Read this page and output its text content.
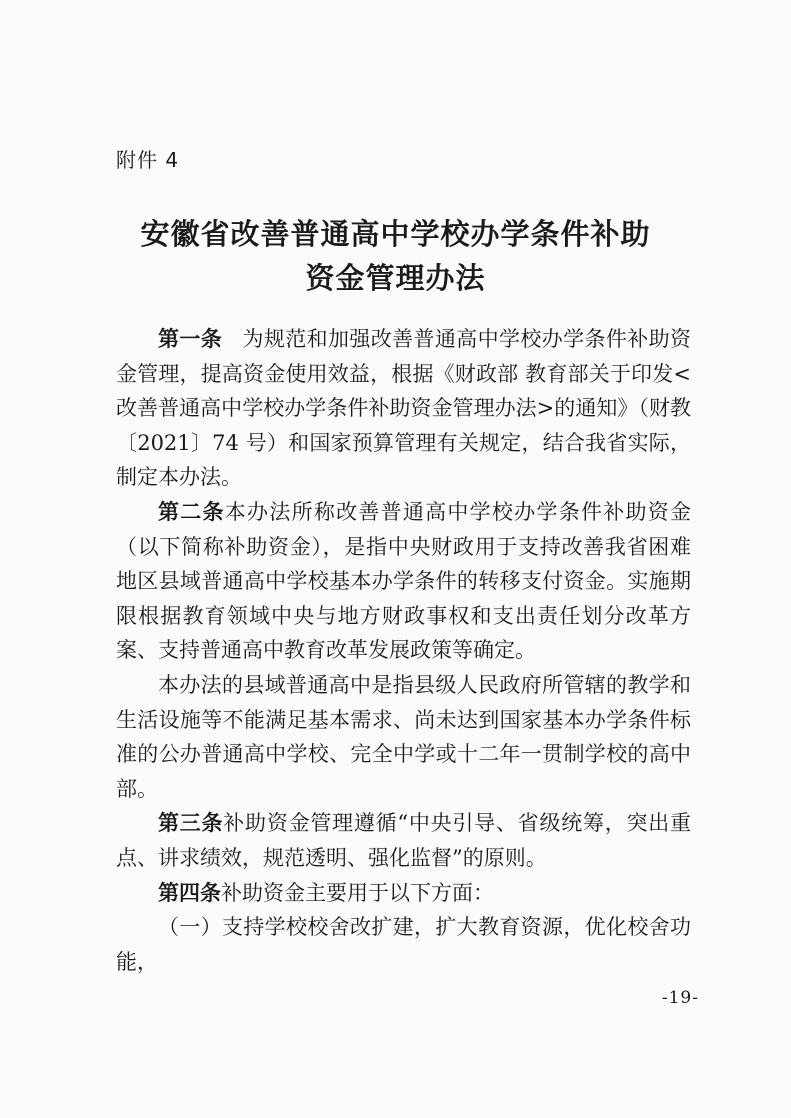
附件 4
安徽省改善普通高中学校办学条件补助
资金管理办法

第一条 为规范和加强改善普通高中学校办学条件补助资金管理，提高资金使用效益，根据《财政部 教育部关于印发<改善普通高中学校办学条件补助资金管理办法>的通知》（财教〔2021〕74 号）和国家预算管理有关规定，结合我省实际，制定本办法。

第二条本办法所称改善普通高中学校办学条件补助资金（以下简称补助资金），是指中央财政用于支持改善我省困难地区县域普通高中学校基本办学条件的转移支付资金。实施期限根据教育领域中央与地方财政事权和支出责任划分改革方案、支持普通高中教育改革发展政策等确定。

本办法的县域普通高中是指县级人民政府所管辖的教学和生活设施等不能满足基本需求、尚未达到国家基本办学条件标准的公办普通高中学校、完全中学或十二年一贯制学校的高中部。

第三条补助资金管理遵循“中央引导、省级统筹，突出重点、讲求绩效，规范透明、强化监督”的原则。

第四条补助资金主要用于以下方面：

（一）支持学校校舍改扩建，扩大教育资源，优化校舍功能，

-19-
